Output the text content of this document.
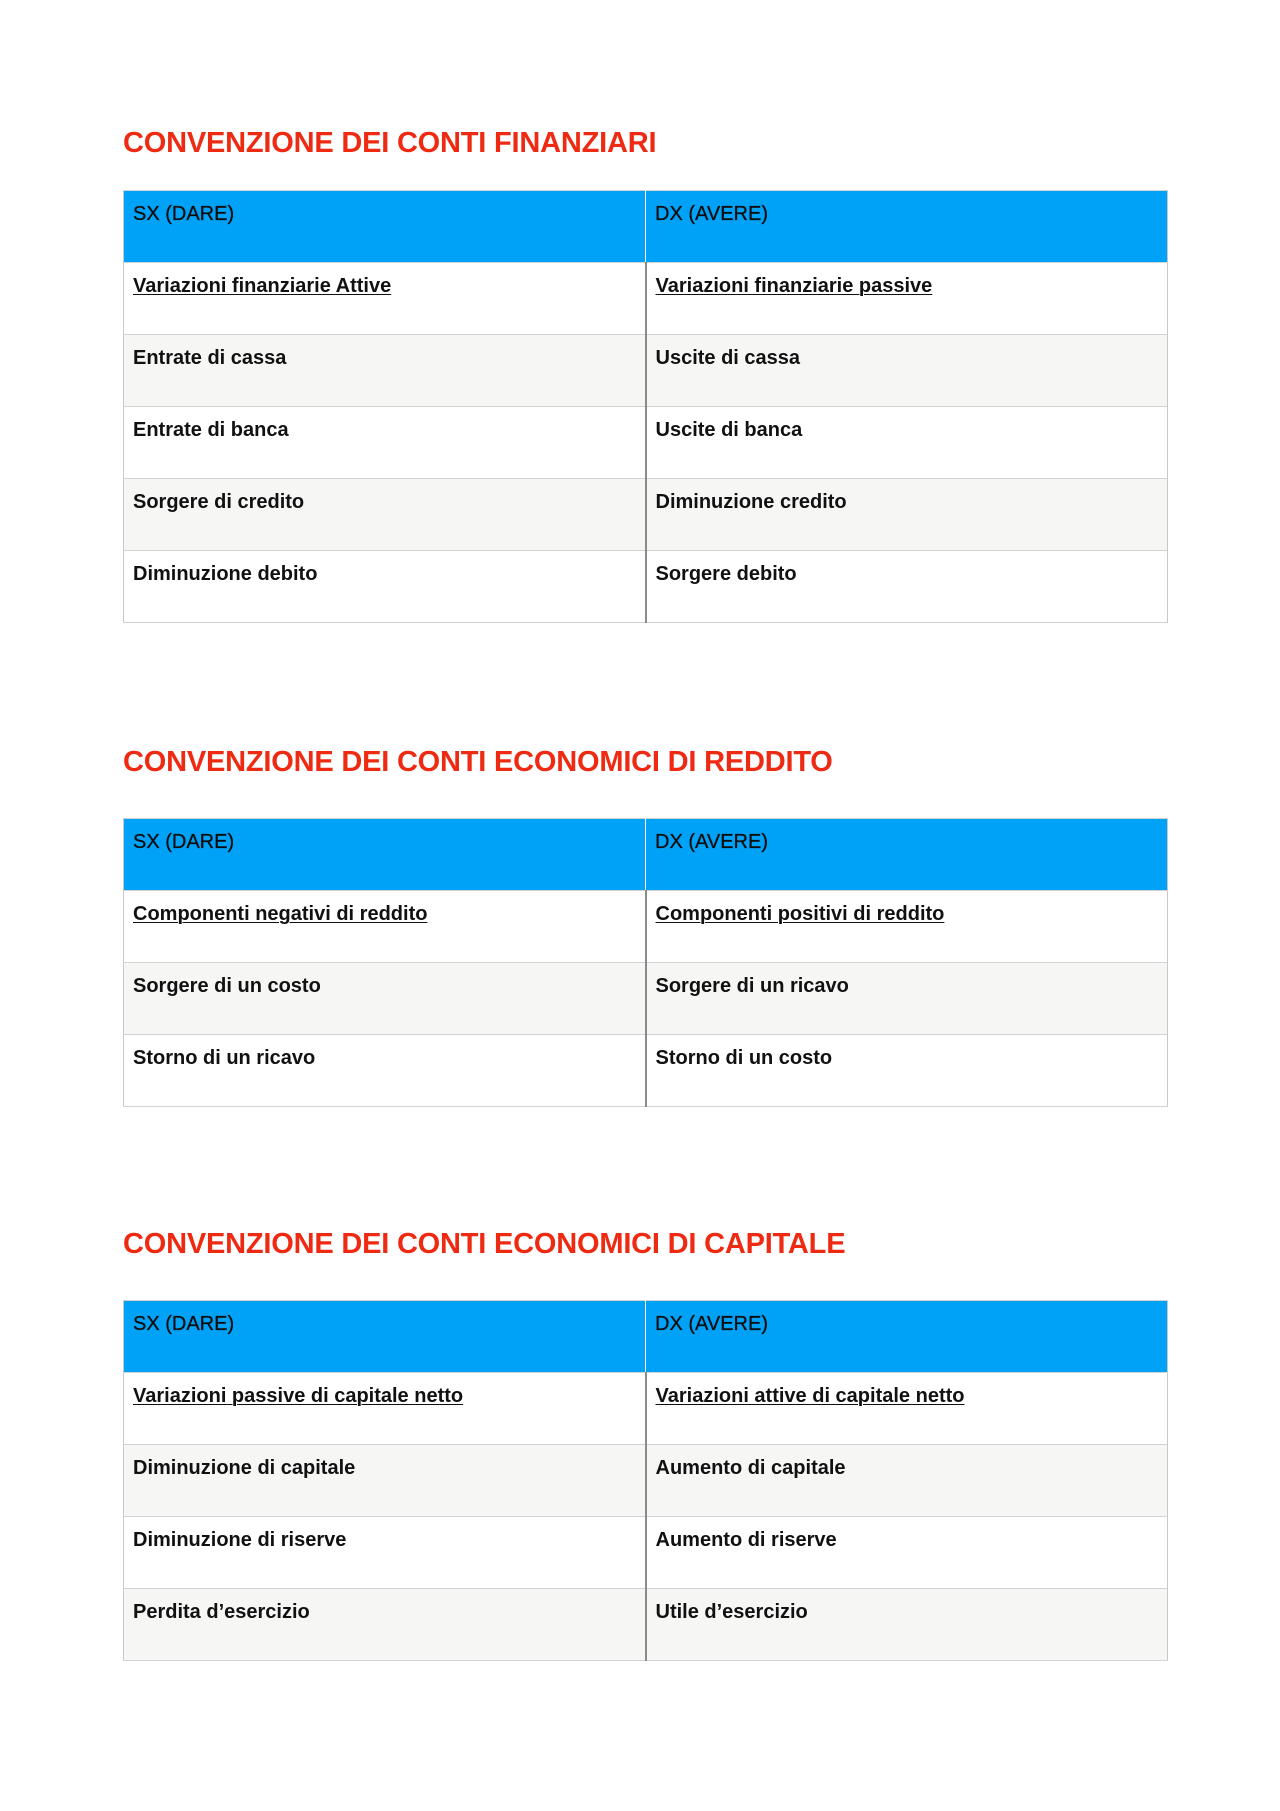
CONVENZIONE DEI CONTI FINANZIARI
SX (DARE)	DX (AVERE)
Variazioni finanziarie Attive	Variazioni finanziarie passive
Entrate di cassa	Uscite di cassa
Entrate di banca	Uscite di banca
Sorgere di credito	Diminuzione credito
Diminuzione debito	Sorgere debito
CONVENZIONE DEI CONTI ECONOMICI DI REDDITO
SX (DARE)	DX (AVERE)
Componenti negativi di reddito	Componenti positivi di reddito
Sorgere di un costo	Sorgere di un ricavo
Storno di un ricavo	Storno di un costo
CONVENZIONE DEI CONTI ECONOMICI DI CAPITALE
SX (DARE)	DX (AVERE)
Variazioni passive di capitale netto	Variazioni attive di capitale netto
Diminuzione di capitale	Aumento di capitale
Diminuzione di riserve	Aumento di riserve
Perdita d’esercizio	Utile d’esercizio
